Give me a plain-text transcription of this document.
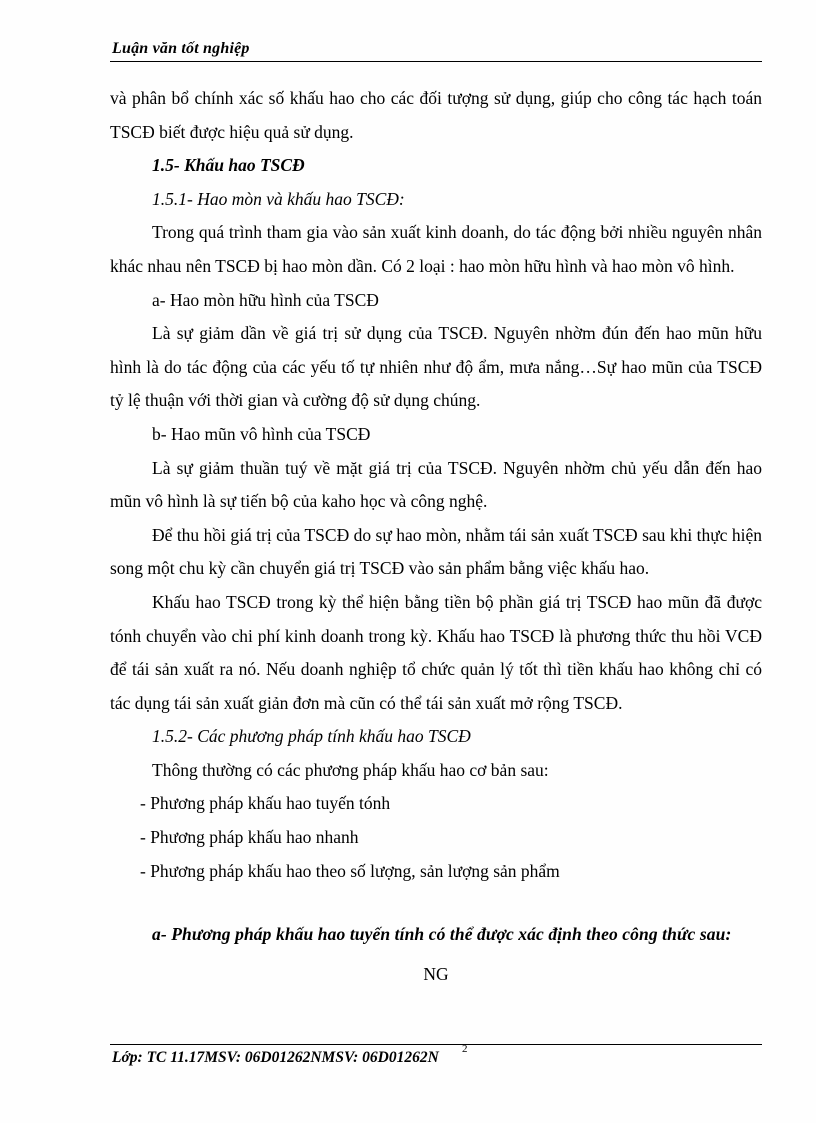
Luận văn tốt nghiệp

và phân bổ chính xác số khấu hao cho các đối tượng sử dụng, giúp cho công tác hạch toán TSCĐ biết được hiệu quả sử dụng.

1.5- Khấu hao TSCĐ

1.5.1- Hao mòn và khấu hao TSCĐ:

Trong quá trình tham gia vào sản xuất kinh doanh, do tác động bởi nhiều nguyên nhân khác nhau nên TSCĐ bị hao mòn dần. Có 2 loại : hao mòn hữu hình và hao mòn vô hình.

a- Hao mòn hữu hình của TSCĐ

Là sự giảm dần về giá trị sử dụng của TSCĐ. Nguyên nhờm đún đến hao mũn hữu hình là do tác động của các yếu tố tự nhiên như độ ẩm, mưa nắng…Sự hao mũn của TSCĐ tỷ lệ thuận với thời gian và cường độ sử dụng chúng.

b- Hao mũn vô hình của TSCĐ

Là sự giảm thuần tuý về mặt giá trị của TSCĐ. Nguyên nhờm chủ yếu dẫn đến hao mũn vô hình là sự tiến bộ của kaho học và công nghệ.

Để thu hồi giá trị của TSCĐ do sự hao mòn, nhằm tái sản xuất TSCĐ sau khi thực hiện song một chu kỳ cần chuyển giá trị TSCĐ vào sản phẩm bằng việc khấu hao.

Khấu hao TSCĐ trong kỳ thể hiện bằng tiền bộ phần giá trị TSCĐ hao mũn đã được tónh chuyển vào chi phí kinh doanh trong kỳ. Khấu hao TSCĐ là phương thức thu hồi VCĐ để tái sản xuất ra nó. Nếu doanh nghiệp tổ chức quản lý tốt thì tiền khấu hao không chỉ có tác dụng tái sản xuất giản đơn mà cũn có thể tái sản xuất mở rộng TSCĐ.

1.5.2- Các phương pháp tính khấu hao TSCĐ

Thông thường có các phương pháp khấu hao cơ bản sau:

- Phương pháp khấu hao tuyến tónh

- Phương pháp khấu hao nhanh

- Phương pháp khấu hao theo số lượng, sản lượng sản phẩm

a- Phương pháp khấu hao tuyến tính có thể được xác định theo công thức sau:

NG

Lớp: TC 11.17MSV: 06D01262NMSV: 06D01262N 2
